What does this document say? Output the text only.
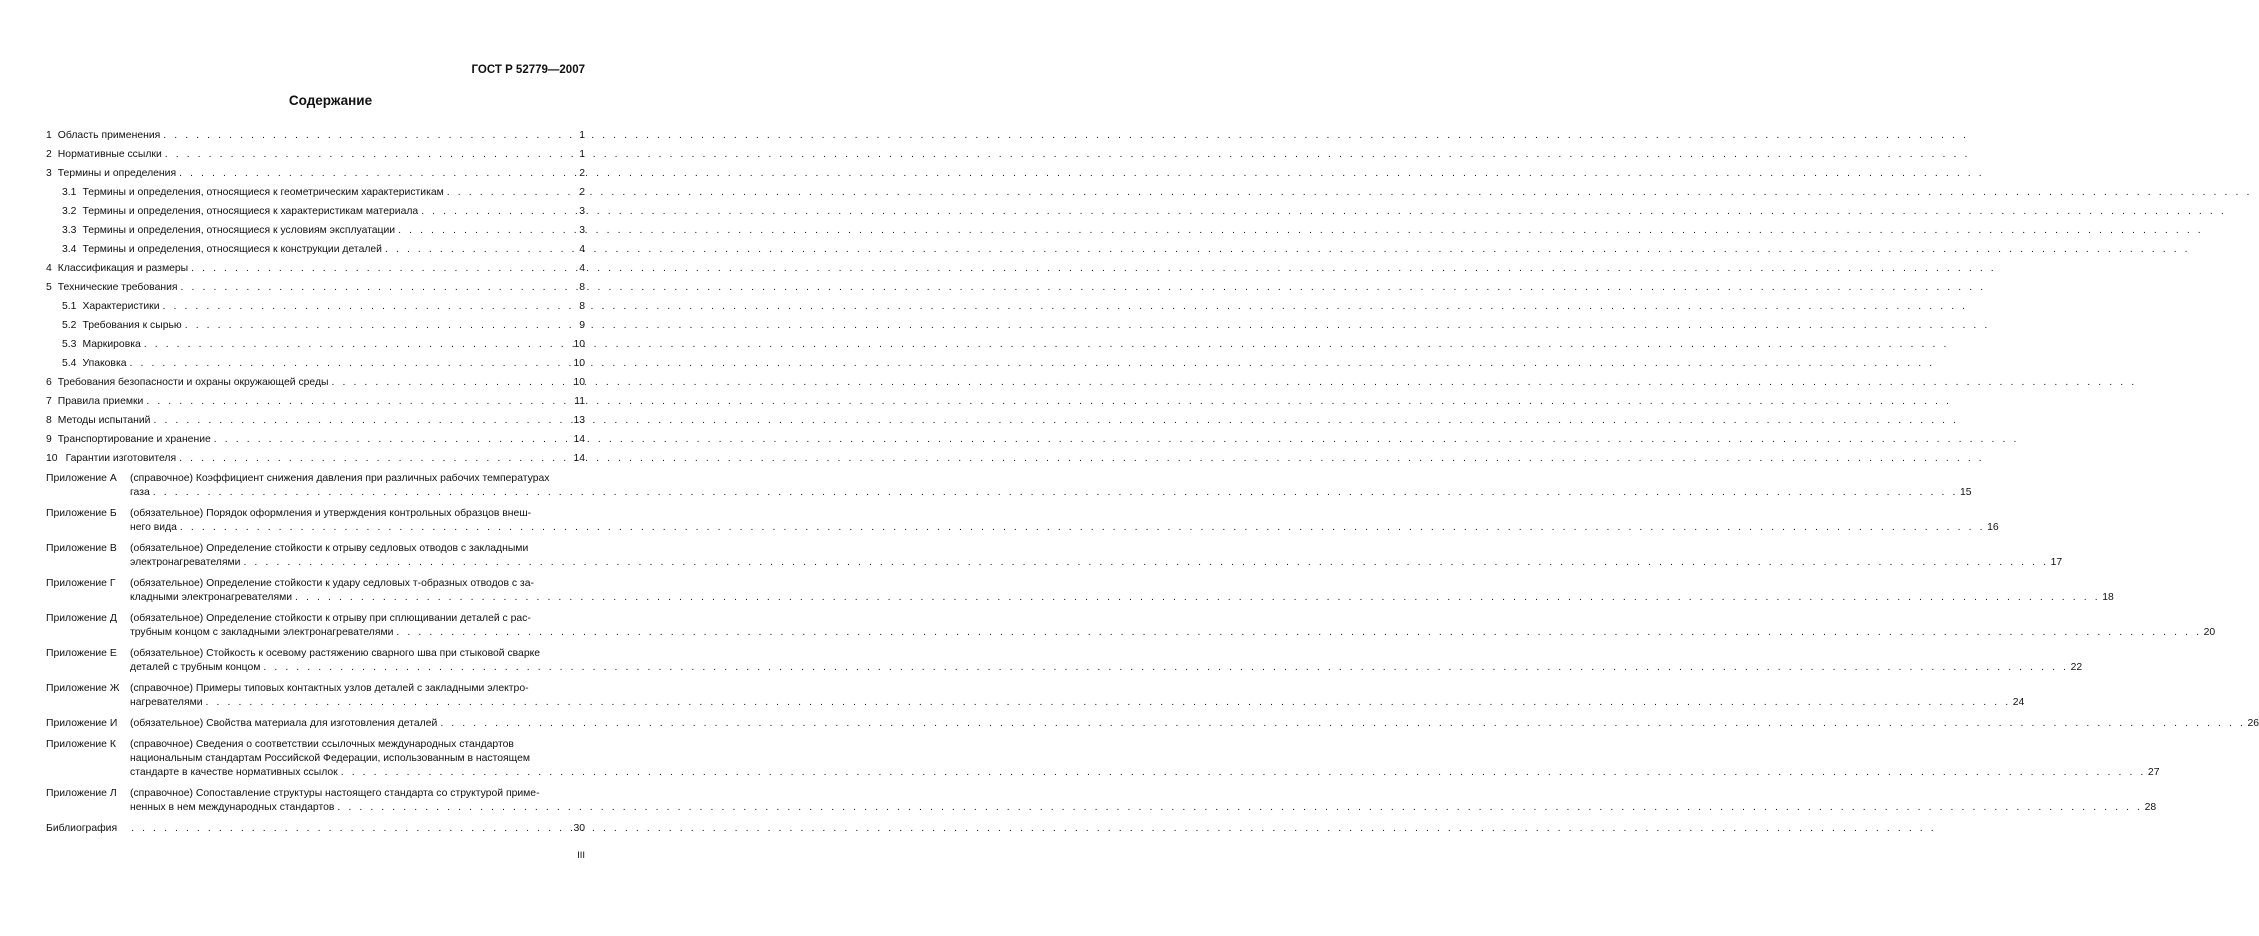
ГОСТ Р 52779—2007
Содержание
1 Область применения . . .	1
2 Нормативные ссылки . . .	1
3 Термины и определения . . .	2
3.1 Термины и определения, относящиеся к геометрическим характеристикам . . .	2
3.2 Термины и определения, относящиеся к характеристикам материала . . .	3
3.3 Термины и определения, относящиеся к условиям эксплуатации . . .	3
3.4 Термины и определения, относящиеся к конструкции деталей . . .	4
4 Классификация и размеры . . .	4
5 Технические требования . . .	8
5.1 Характеристики . . .	8
5.2 Требования к сырью . . .	9
5.3 Маркировка . . .	10
5.4 Упаковка . . .	10
6 Требования безопасности и охраны окружающей среды . . .	10
7 Правила приемки . . .	11
8 Методы испытаний . . .	13
9 Транспортирование и хранение . . .	14
10 Гарантии изготовителя . . .	14
Приложение А	(справочное) Коэффициент снижения давления при различных рабочих температурах
газа . . .	15
Приложение Б	(обязательное) Порядок оформления и утверждения контрольных образцов внеш-
него вида . . .	16
Приложение В	(обязательное) Определение стойкости к отрыву седловых отводов с закладными
электронагревателями . . .	17
Приложение Г	(обязательное) Определение стойкости к удару седловых т-образных отводов с за-
кладными электронагревателями . . .	18
Приложение Д	(обязательное) Определение стойкости к отрыву при сплющивании деталей с рас-
трубным концом с закладными электронагревателями . . .	20
Приложение Е	(обязательное) Стойкость к осевому растяжению сварного шва при стыковой сварке
деталей с трубным концом . . .	22
Приложение Ж	(справочное) Примеры типовых контактных узлов деталей с закладными электро-
нагревателями . . .	24
Приложение И	(обязательное) Свойства материала для изготовления деталей . . .	26
Приложение К	(справочное) Сведения о соответствии ссылочных международных стандартов
национальным стандартам Российской Федерации, использованным в настоящем
стандарте в качестве нормативных ссылок . . .	27
Приложение Л	(справочное) Сопоставление структуры настоящего стандарта со структурой приме-
ненных в нем международных стандартов . . .	28
Библиография . . .	30
III
